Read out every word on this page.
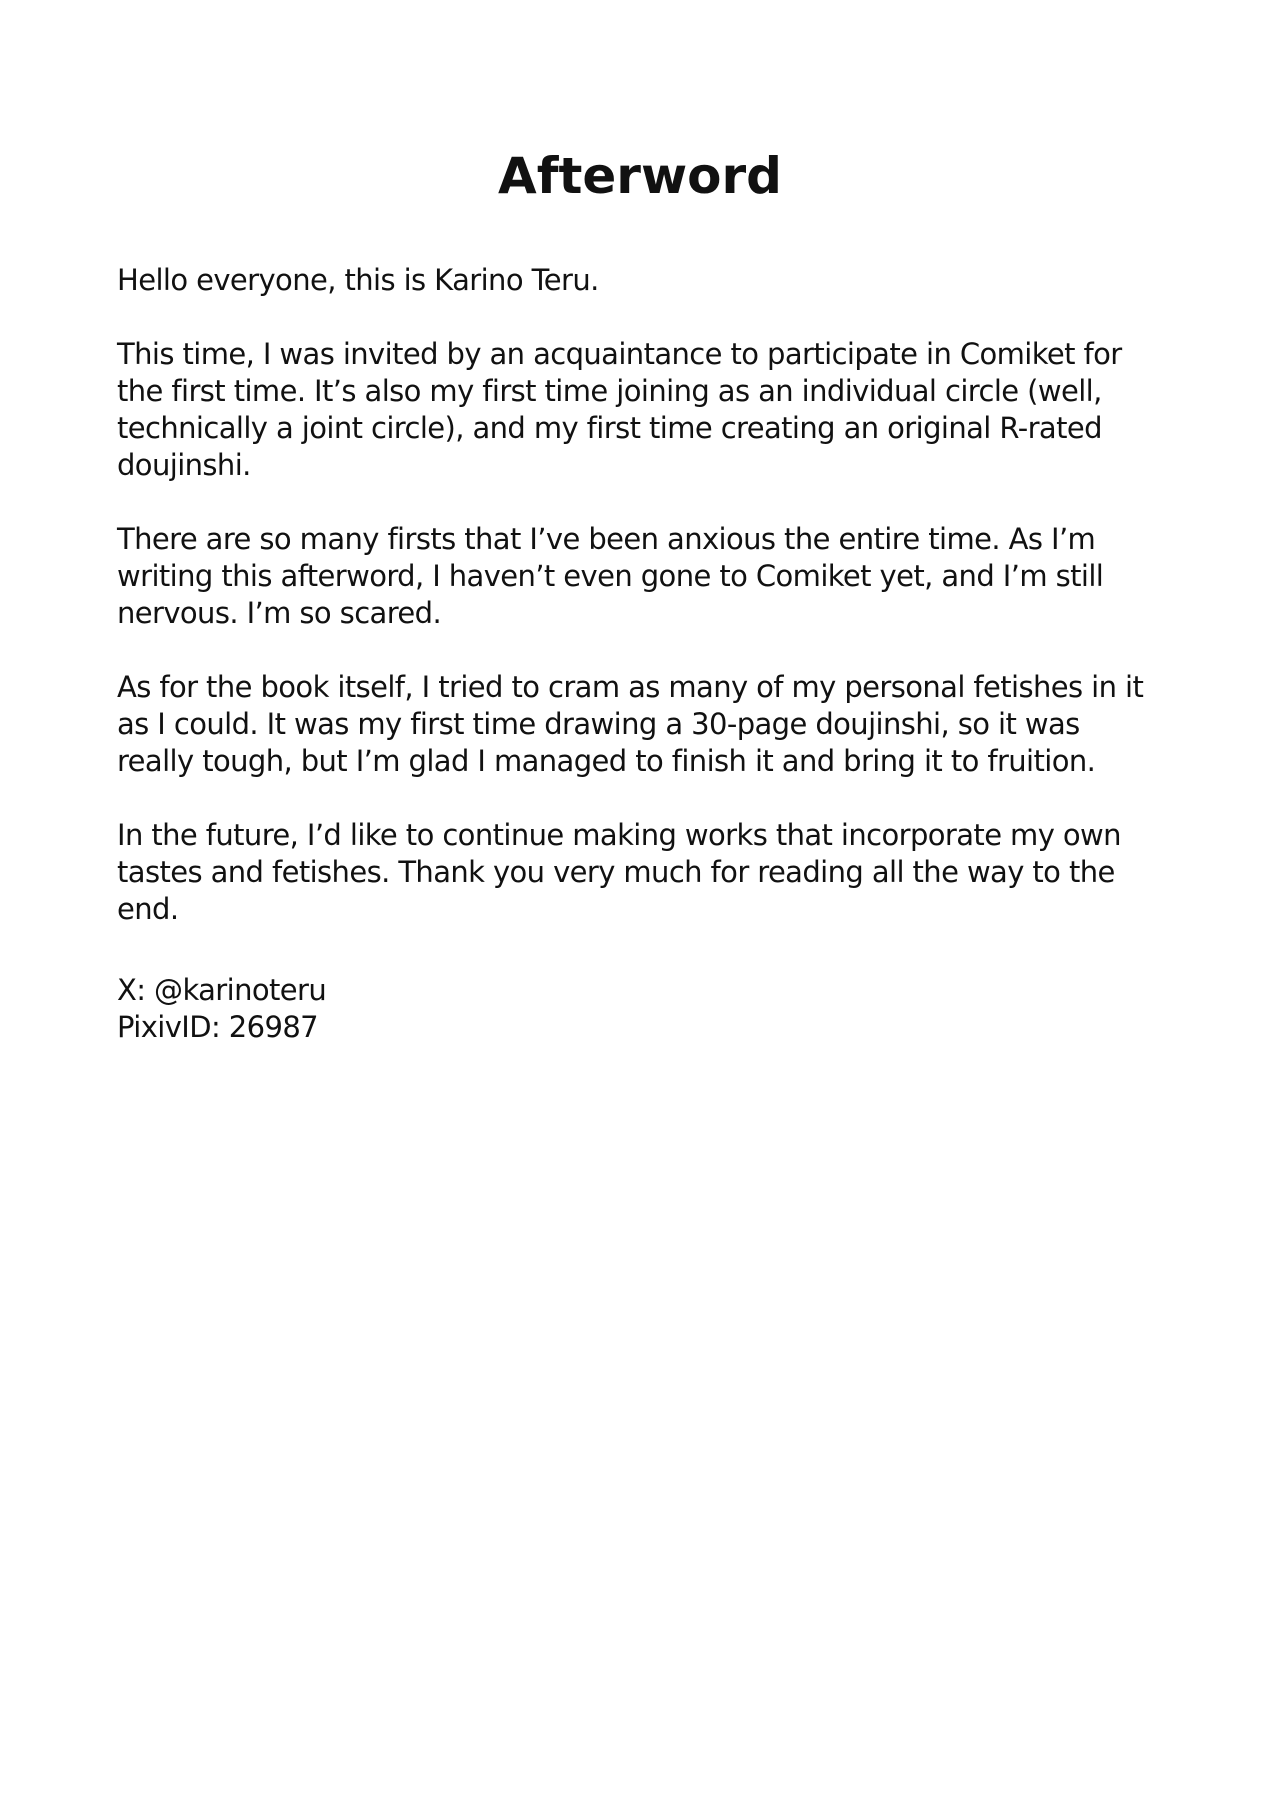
Afterword

Hello everyone, this is Karino Teru.

This time, I was invited by an acquaintance to participate in Comiket for
the first time. It’s also my first time joining as an individual circle (well,
technically a joint circle), and my first time creating an original R-rated
doujinshi.

There are so many firsts that I’ve been anxious the entire time. As I’m
writing this afterword, I haven’t even gone to Comiket yet, and I’m still
nervous. I’m so scared.

As for the book itself, I tried to cram as many of my personal fetishes in it
as I could. It was my first time drawing a 30-page doujinshi, so it was
really tough, but I’m glad I managed to finish it and bring it to fruition.

In the future, I’d like to continue making works that incorporate my own
tastes and fetishes. Thank you very much for reading all the way to the
end.

X: @karinoteru
PixivID: 26987
